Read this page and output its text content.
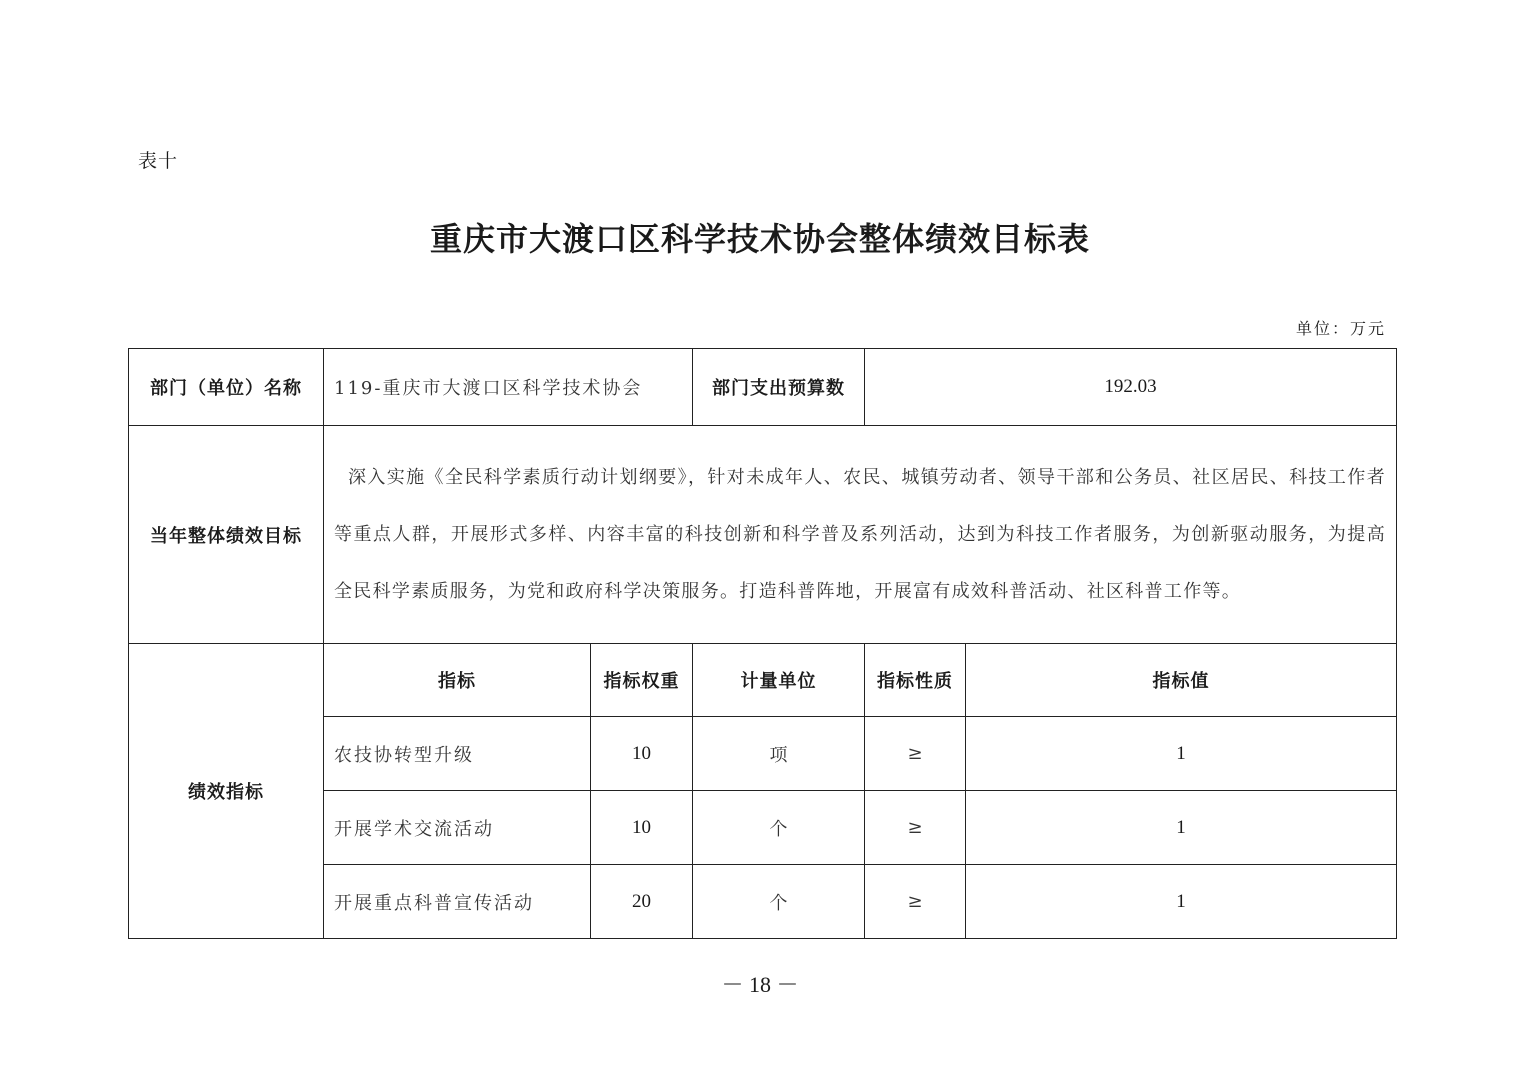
表十
重庆市大渡口区科学技术协会整体绩效目标表
单位：万元
部门（单位）名称	119-重庆市大渡口区科学技术协会		部门支出预算数	192.03	
当年整体绩效目标	深入实施《全民科学素质行动计划纲要》，针对未成年人、农民、城镇劳动者、领导干部和公务员、社区居民、科技工作者等重点人群，开展形式多样、内容丰富的科技创新和科学普及系列活动，达到为科技工作者服务，为创新驱动服务，为提高全民科学素质服务，为党和政府科学决策服务。打造科普阵地，开展富有成效科普活动、社区科普工作等。				
绩效指标	指标	指标权重	计量单位	指标性质	指标值
	农技协转型升级	10	项	≥	1
	开展学术交流活动	10	个	≥	1
	开展重点科普宣传活动	20	个	≥	1
－ 18 －
